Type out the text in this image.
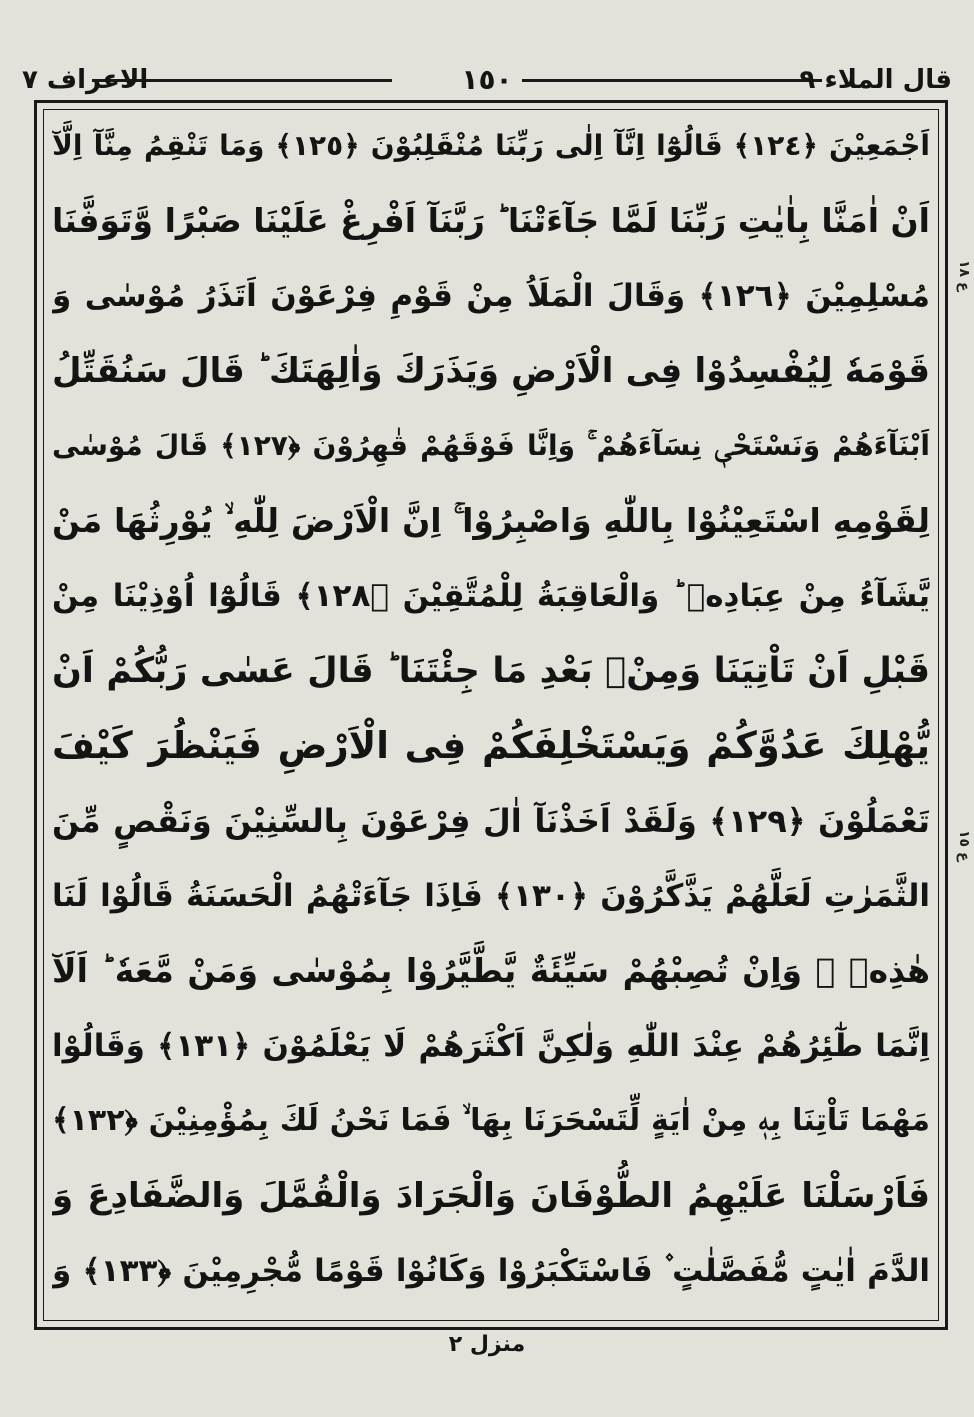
قال الملاء ٩
١٥٠
الاعراف ٧
اَجْمَعِيْنَ ﴿١٢٤﴾ قَالُوْٓا اِنَّآ اِلٰى رَبِّنَا مُنْقَلِبُوْنَ ﴿١٢٥﴾ وَمَا تَنْقِمُ مِنَّآ اِلَّآ
اَنْ اٰمَنَّا بِاٰيٰتِ رَبِّنَا لَمَّا جَآءَتْنَا ؕ رَبَّنَآ اَفْرِغْ عَلَيْنَا صَبْرًا وَّتَوَفَّنَا
مُسْلِمِيْنَ ﴿١٢٦﴾ وَقَالَ الْمَلَاُ مِنْ قَوْمِ فِرْعَوْنَ اَتَذَرُ مُوْسٰى وَ
قَوْمَهٗ لِيُفْسِدُوْا فِى الْاَرْضِ وَيَذَرَكَ وَاٰلِهَتَكَ ؕ قَالَ سَنُقَتِّلُ
اَبْنَآءَهُمْ وَنَسْتَحْىٖ نِسَآءَهُمْ ۚ وَاِنَّا فَوْقَهُمْ قٰهِرُوْنَ ﴿١٢٧﴾ قَالَ مُوْسٰى
لِقَوْمِهِ اسْتَعِيْنُوْا بِاللّٰهِ وَاصْبِرُوْا ۚ اِنَّ الْاَرْضَ لِلّٰهِ ۙ يُوْرِثُهَا مَنْ
يَّشَآءُ مِنْ عِبَادِهٖ ؕ وَالْعَاقِبَةُ لِلْمُتَّقِيْنَ ﴿١٢٨﴾ قَالُوْٓا اُوْذِيْنَا مِنْ
قَبْلِ اَنْ تَاْتِيَنَا وَمِنْۢ بَعْدِ مَا جِئْتَنَا ؕ قَالَ عَسٰى رَبُّكُمْ اَنْ
يُّهْلِكَ عَدُوَّكُمْ وَيَسْتَخْلِفَكُمْ فِى الْاَرْضِ فَيَنْظُرَ كَيْفَ
تَعْمَلُوْنَ ﴿١٢٩﴾ وَلَقَدْ اَخَذْنَآ اٰلَ فِرْعَوْنَ بِالسِّنِيْنَ وَنَقْصٍ مِّنَ
الثَّمَرٰتِ لَعَلَّهُمْ يَذَّكَّرُوْنَ ﴿١٣٠﴾ فَاِذَا جَآءَتْهُمُ الْحَسَنَةُ قَالُوْا لَنَا
هٰذِهٖ ۚ وَاِنْ تُصِبْهُمْ سَيِّئَةٌ يَّطَّيَّرُوْا بِمُوْسٰى وَمَنْ مَّعَهٗ ؕ اَلَآ
اِنَّمَا طٰٓئِرُهُمْ عِنْدَ اللّٰهِ وَلٰكِنَّ اَكْثَرَهُمْ لَا يَعْلَمُوْنَ ﴿١٣١﴾ وَقَالُوْا
مَهْمَا تَاْتِنَا بِهٖ مِنْ اٰيَةٍ لِّتَسْحَرَنَا بِهَا ۙ فَمَا نَحْنُ لَكَ بِمُؤْمِنِيْنَ ﴿١٣٢﴾
فَاَرْسَلْنَا عَلَيْهِمُ الطُّوْفَانَ وَالْجَرَادَ وَالْقُمَّلَ وَالضَّفَادِعَ وَ
الدَّمَ اٰيٰتٍ مُّفَصَّلٰتٍ ۫ فَاسْتَكْبَرُوْا وَكَانُوْا قَوْمًا مُّجْرِمِيْنَ ﴿١٣٣﴾ وَ
ع ١٨
ع ١٥
منزل ٢
